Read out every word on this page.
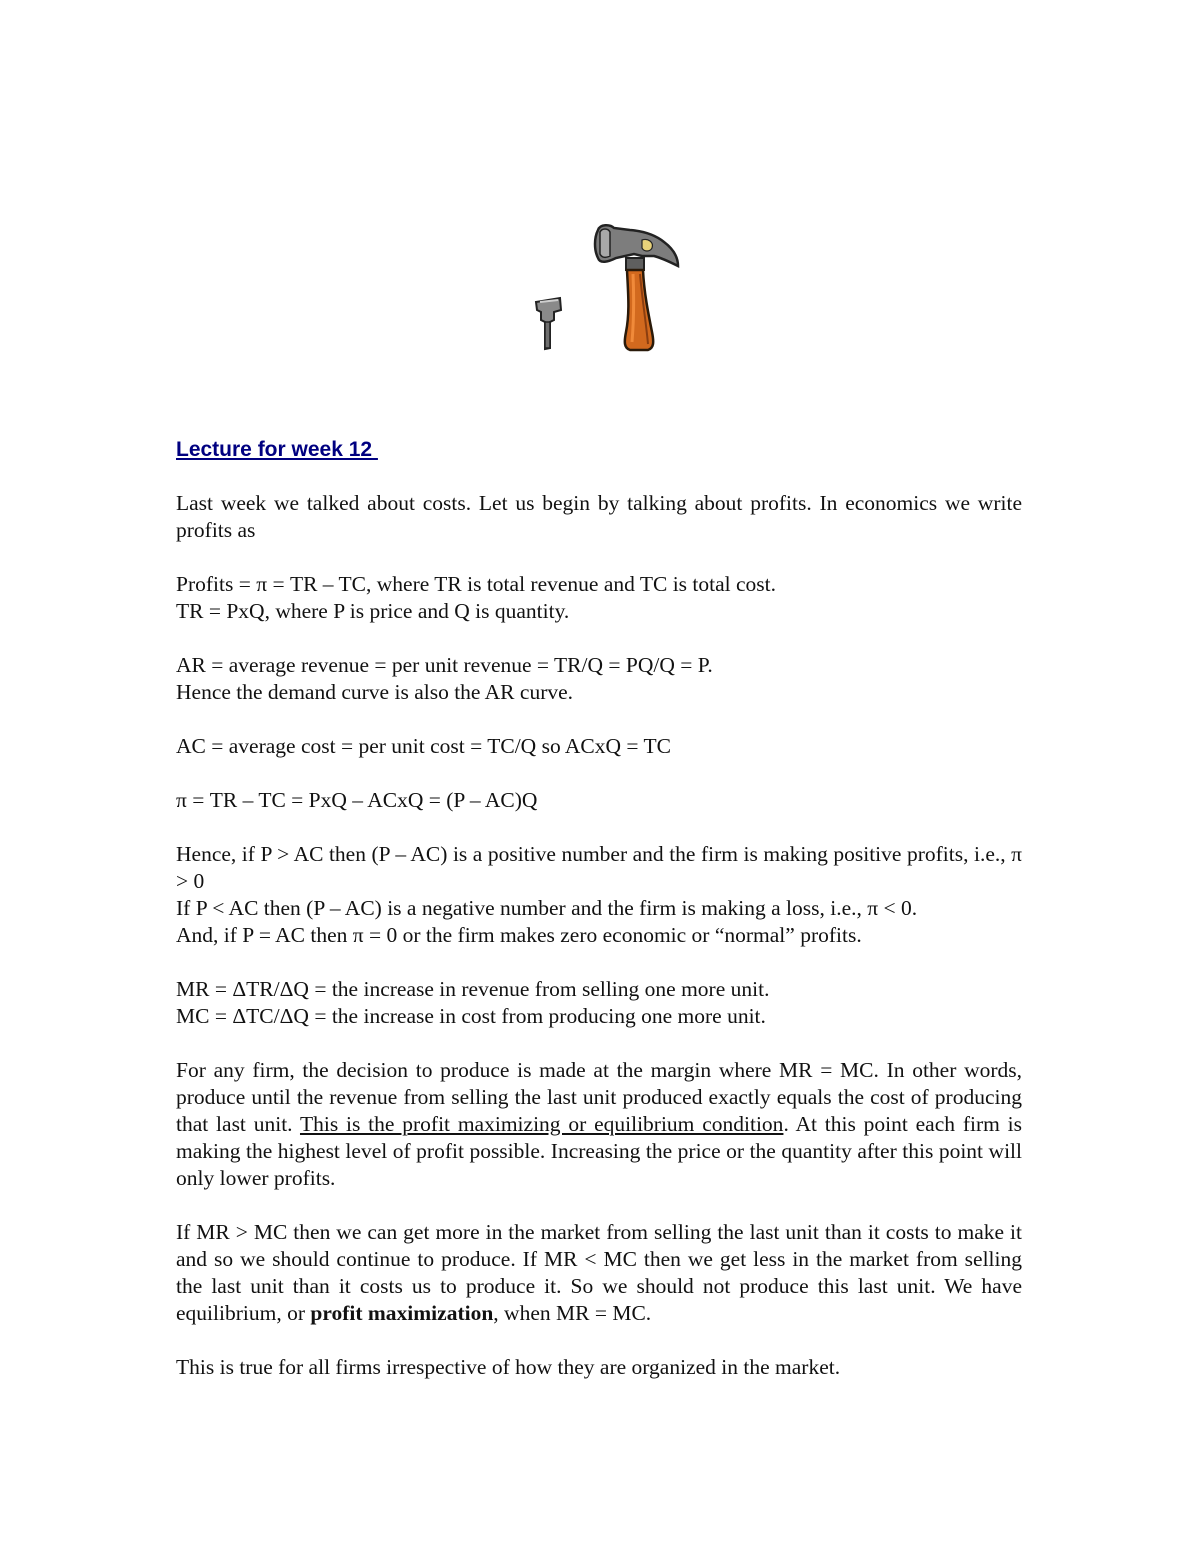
Lecture for week 12

Last week we talked about costs. Let us begin by talking about profits. In economics we write profits as

Profits = π = TR – TC, where TR is total revenue and TC is total cost.
TR = PxQ, where P is price and Q is quantity.

AR = average revenue = per unit revenue = TR/Q = PQ/Q = P.
Hence the demand curve is also the AR curve.

AC = average cost = per unit cost = TC/Q so ACxQ = TC

π = TR – TC = PxQ – ACxQ = (P – AC)Q

Hence, if P > AC then (P – AC) is a positive number and the firm is making positive profits, i.e., π > 0
If P < AC then (P – AC) is a negative number and the firm is making a loss, i.e., π < 0.
And, if P = AC then π = 0 or the firm makes zero economic or “normal” profits.

MR = ΔTR/ΔQ = the increase in revenue from selling one more unit.
MC = ΔTC/ΔQ = the increase in cost from producing one more unit.

For any firm, the decision to produce is made at the margin where MR = MC. In other words, produce until the revenue from selling the last unit produced exactly equals the cost of producing that last unit. This is the profit maximizing or equilibrium condition. At this point each firm is making the highest level of profit possible. Increasing the price or the quantity after this point will only lower profits.

If MR > MC then we can get more in the market from selling the last unit than it costs to make it and so we should continue to produce. If MR < MC then we get less in the market from selling the last unit than it costs us to produce it. So we should not produce this last unit. We have equilibrium, or profit maximization, when MR = MC.

This is true for all firms irrespective of how they are organized in the market.
